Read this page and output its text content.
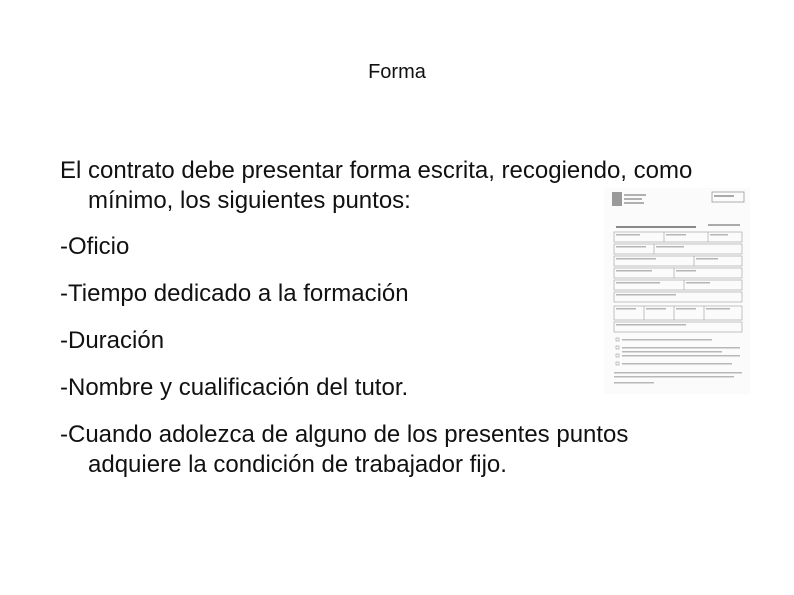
Forma
El contrato debe presentar forma escrita, recogiendo, como mínimo, los siguientes puntos:
-Oficio
-Tiempo dedicado a la formación
-Duración
-Nombre y cualificación del tutor.
-Cuando adolezca de alguno de los presentes puntos adquiere la condición de trabajador fijo.
